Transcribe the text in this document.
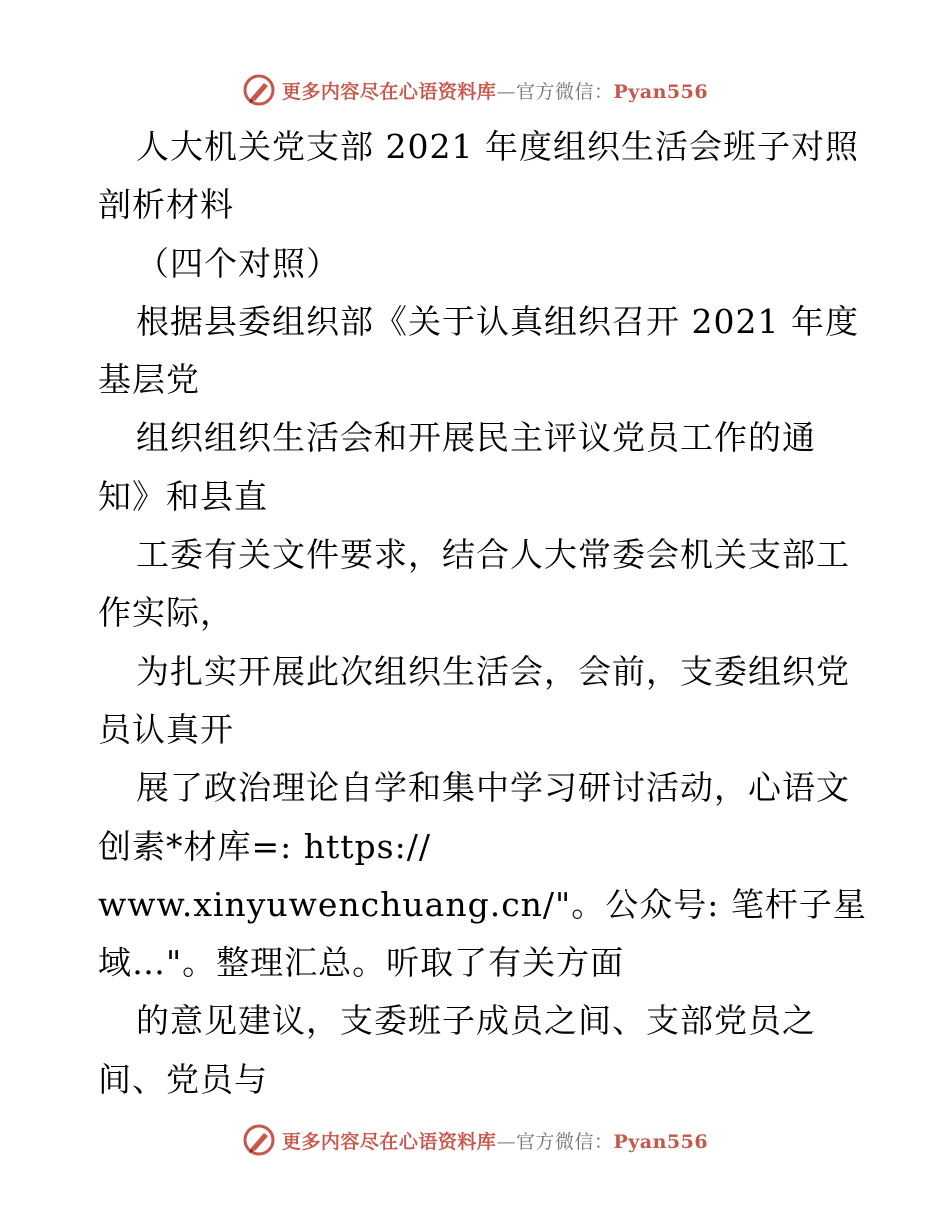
更多内容尽在心语资料库—官方微信：Pyan556
人大机关党支部 2021 年度组织生活会班子对照
剖析材料
（四个对照）
根据县委组织部《关于认真组织召开 2021 年度
基层党
组织组织生活会和开展民主评议党员工作的通
知》和县直
工委有关文件要求，结合人大常委会机关支部工
作实际，
为扎实开展此次组织生活会，会前，支委组织党
员认真开
展了政治理论自学和集中学习研讨活动，心语文
创素*材库=: https://
www.xinyuwenchuang.cn/"。公众号: 笔杆子星
域…"。整理汇总。听取了有关方面
的意见建议，支委班子成员之间、支部党员之
间、党员与
更多内容尽在心语资料库—官方微信：Pyan556
